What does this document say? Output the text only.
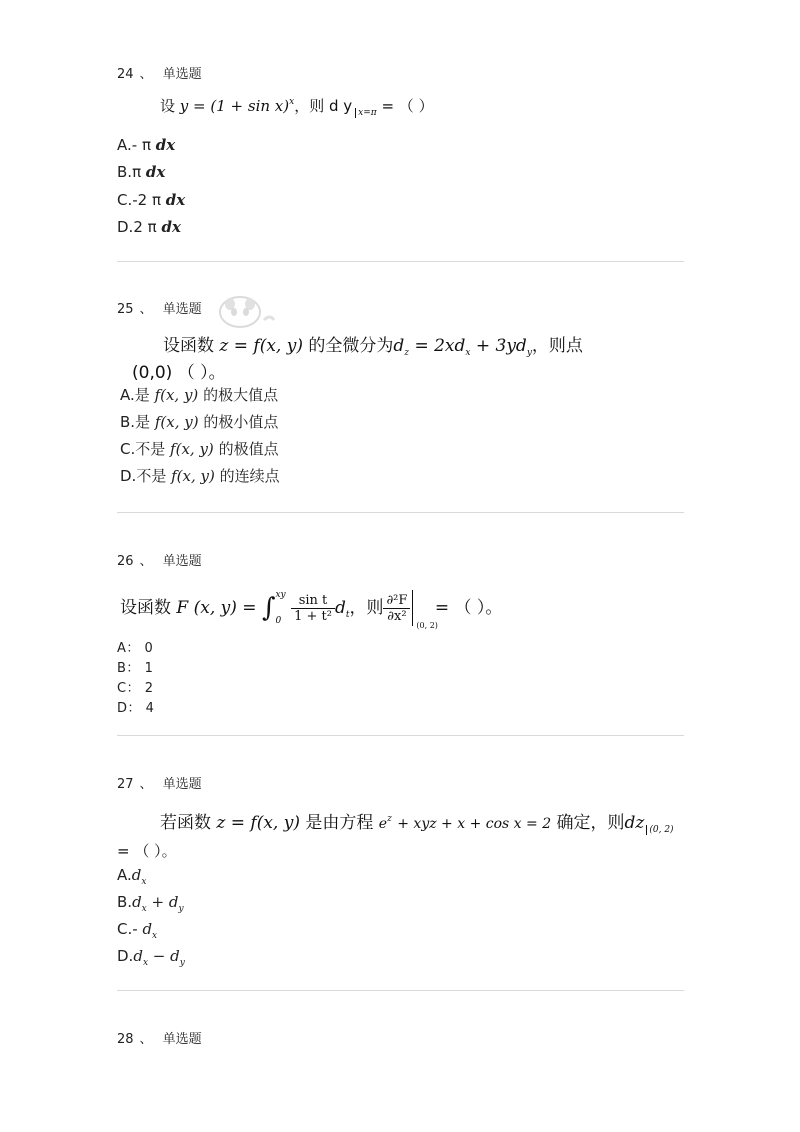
24 、 单选题
设 $y = (1 + \sin x)^x$，则 d y $_{x=\pi}$ = （ ）
A.- π dx
B.π dx
C.-2 π dx
D.2 π dx
25 、 单选题
设函数 z = f(x, y) 的全微分为$d_z = 2xd_x + 3yd_y$，则点
(0,0) （ ）。
A.是 f(x, y) 的极大值点
B.是 f(x, y) 的极小值点
C.不是 f(x, y) 的极值点
D.不是 f(x, y) 的连续点
26 、 单选题
设函数 F (x, y) = ∫ xy
0
$\frac{\text{sin t}}{\text{1 + t²}} d_t$，则 $\frac{\text{∂²F}}{\text{∂x²}}$
(0, 2)
= （ ）。
A： 0
B： 1
C： 2
D： 4
27 、 单选题
若函数 z = f(x, y) 是由方程 $e^z$ + xyz + x + cos x = 2 确定，则dz $_{(0, 2)}$
= （ ）。
$A.d_x$
$B.d_x + d_y$
C.- $d_x$
$D.d_x - d_y$
28 、 单选题
